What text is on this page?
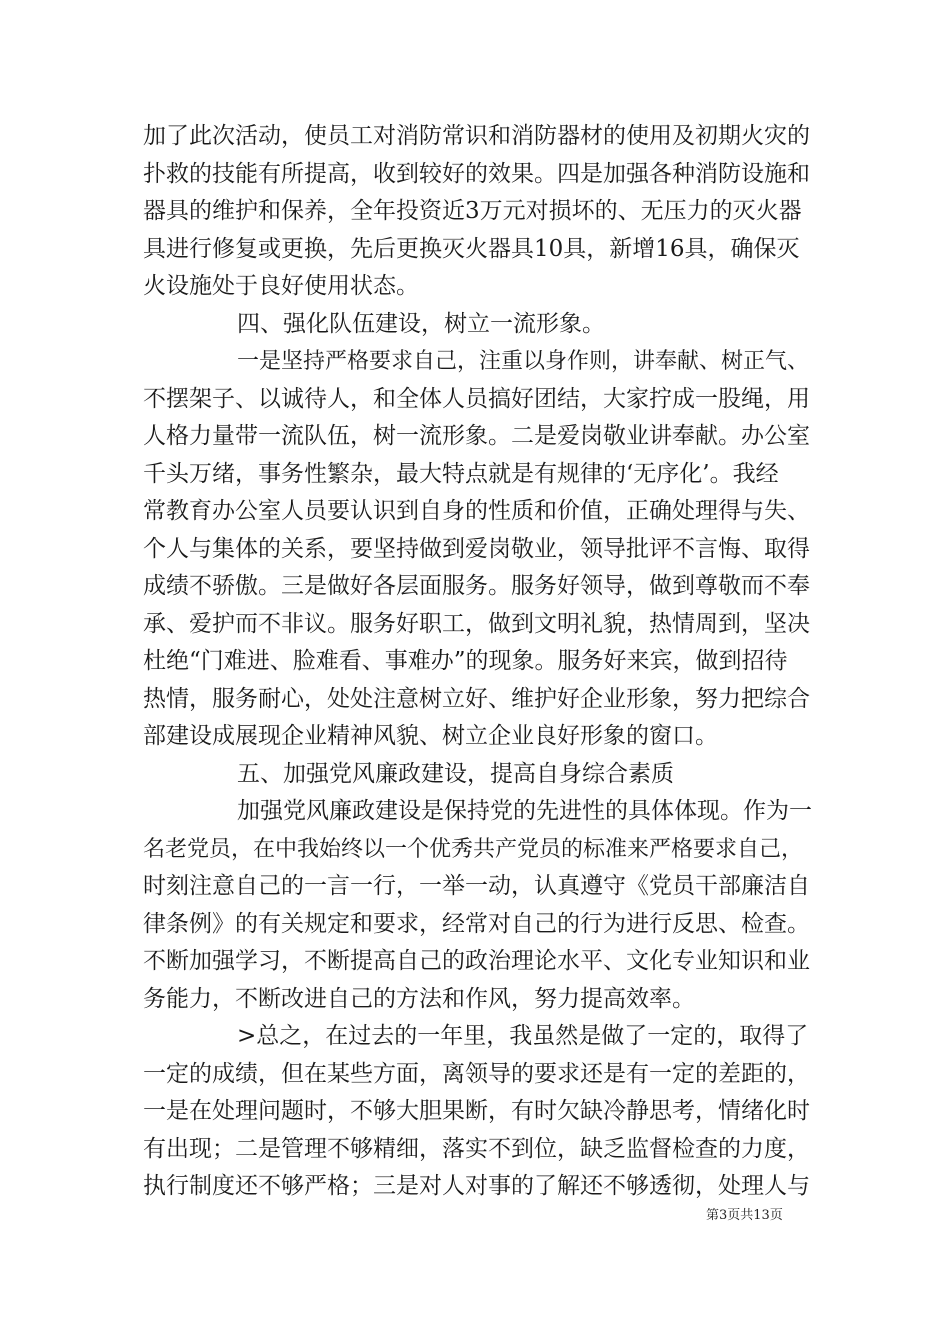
加了此次活动，使员工对消防常识和消防器材的使用及初期火灾的
扑救的技能有所提高，收到较好的效果。四是加强各种消防设施和
器具的维护和保养，全年投资近3万元对损坏的、无压力的灭火器
具进行修复或更换，先后更换灭火器具10具，新增16具，确保灭
火设施处于良好使用状态。
四、强化队伍建设，树立一流形象。
一是坚持严格要求自己，注重以身作则，讲奉献、树正气、
不摆架子、以诚待人，和全体人员搞好团结，大家拧成一股绳，用
人格力量带一流队伍，树一流形象。二是爱岗敬业讲奉献。办公室
千头万绪，事务性繁杂，最大特点就是有规律的‘无序化’。我经
常教育办公室人员要认识到自身的性质和价值，正确处理得与失、
个人与集体的关系，要坚持做到爱岗敬业，领导批评不言悔、取得
成绩不骄傲。三是做好各层面服务。服务好领导，做到尊敬而不奉
承、爱护而不非议。服务好职工，做到文明礼貌，热情周到，坚决
杜绝“门难进、脸难看、事难办”的现象。服务好来宾，做到招待
热情，服务耐心，处处注意树立好、维护好企业形象，努力把综合
部建设成展现企业精神风貌、树立企业良好形象的窗口。
五、加强党风廉政建设，提高自身综合素质
加强党风廉政建设是保持党的先进性的具体体现。作为一
名老党员，在中我始终以一个优秀共产党员的标准来严格要求自己，
时刻注意自己的一言一行，一举一动，认真遵守《党员干部廉洁自
律条例》的有关规定和要求，经常对自己的行为进行反思、检查。
不断加强学习，不断提高自己的政治理论水平、文化专业知识和业
务能力，不断改进自己的方法和作风，努力提高效率。
>总之，在过去的一年里，我虽然是做了一定的，取得了
一定的成绩，但在某些方面，离领导的要求还是有一定的差距的，
一是在处理问题时，不够大胆果断，有时欠缺冷静思考，情绪化时
有出现；二是管理不够精细，落实不到位，缺乏监督检查的力度，
执行制度还不够严格；三是对人对事的了解还不够透彻，处理人与
第3页共13页
